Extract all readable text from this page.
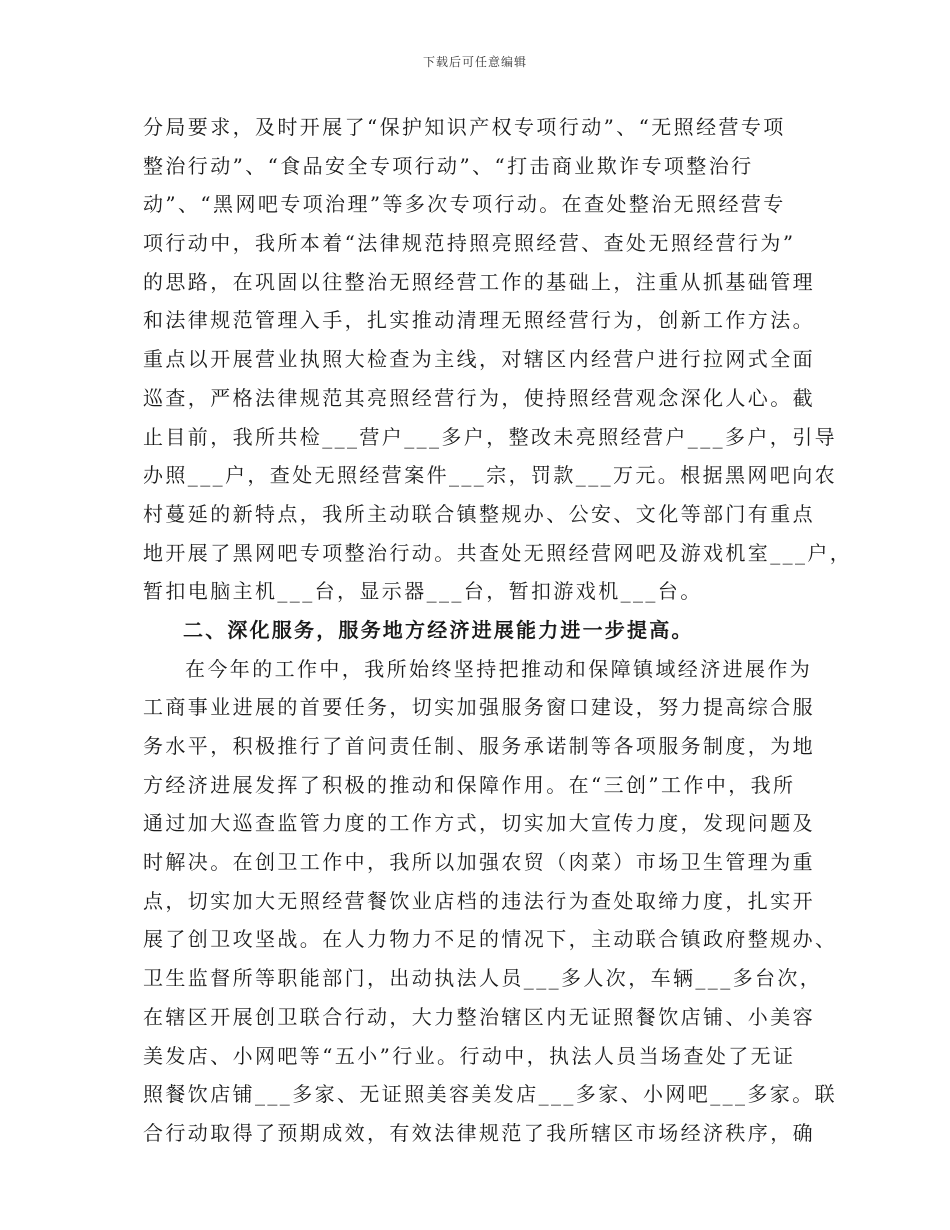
下载后可任意编辑
分局要求，及时开展了“保护知识产权专项行动”、“无照经营专项
整治行动”、“食品安全专项行动”、“打击商业欺诈专项整治行
动”、“黑网吧专项治理”等多次专项行动。在查处整治无照经营专
项行动中，我所本着“法律规范持照亮照经营、查处无照经营行为”
的思路，在巩固以往整治无照经营工作的基础上，注重从抓基础管理
和法律规范管理入手，扎实推动清理无照经营行为，创新工作方法。
重点以开展营业执照大检查为主线，对辖区内经营户进行拉网式全面
巡查，严格法律规范其亮照经营行为，使持照经营观念深化人心。截
止目前，我所共检___营户___多户，整改未亮照经营户___多户，引导
办照___户，查处无照经营案件___宗，罚款___万元。根据黑网吧向农
村蔓延的新特点，我所主动联合镇整规办、公安、文化等部门有重点
地开展了黑网吧专项整治行动。共查处无照经营网吧及游戏机室___户，
暂扣电脑主机___台，显示器___台，暂扣游戏机___台。
二、深化服务，服务地方经济进展能力进一步提高。
在今年的工作中，我所始终坚持把推动和保障镇域经济进展作为
工商事业进展的首要任务，切实加强服务窗口建设，努力提高综合服
务水平，积极推行了首问责任制、服务承诺制等各项服务制度，为地
方经济进展发挥了积极的推动和保障作用。在“三创”工作中，我所
通过加大巡查监管力度的工作方式，切实加大宣传力度，发现问题及
时解决。在创卫工作中，我所以加强农贸（肉菜）市场卫生管理为重
点，切实加大无照经营餐饮业店档的违法行为查处取缔力度，扎实开
展了创卫攻坚战。在人力物力不足的情况下，主动联合镇政府整规办、
卫生监督所等职能部门，出动执法人员___多人次，车辆___多台次，
在辖区开展创卫联合行动，大力整治辖区内无证照餐饮店铺、小美容
美发店、小网吧等“五小”行业。行动中，执法人员当场查处了无证
照餐饮店铺___多家、无证照美容美发店___多家、小网吧___多家。联
合行动取得了预期成效，有效法律规范了我所辖区市场经济秩序，确
